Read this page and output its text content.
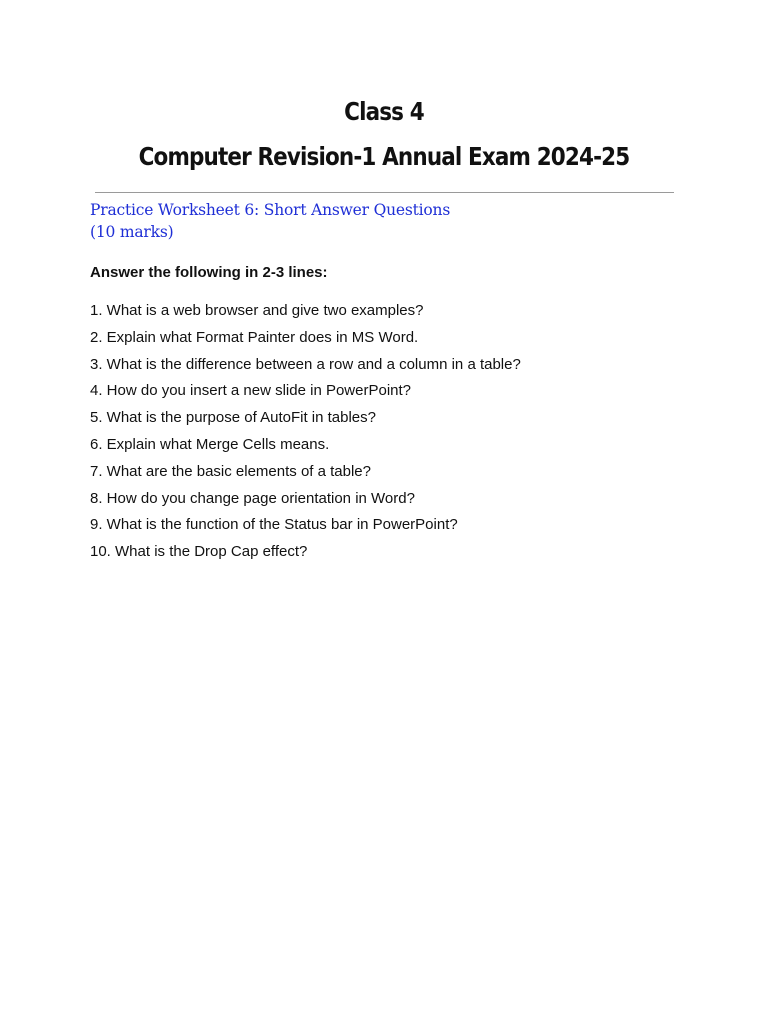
Class 4
Computer Revision-1 Annual Exam 2024-25
Practice Worksheet 6: Short Answer Questions
(10 marks)
Answer the following in 2-3 lines:
1. What is a web browser and give two examples?
2. Explain what Format Painter does in MS Word.
3. What is the difference between a row and a column in a table?
4. How do you insert a new slide in PowerPoint?
5. What is the purpose of AutoFit in tables?
6. Explain what Merge Cells means.
7. What are the basic elements of a table?
8. How do you change page orientation in Word?
9. What is the function of the Status bar in PowerPoint?
10. What is the Drop Cap effect?
